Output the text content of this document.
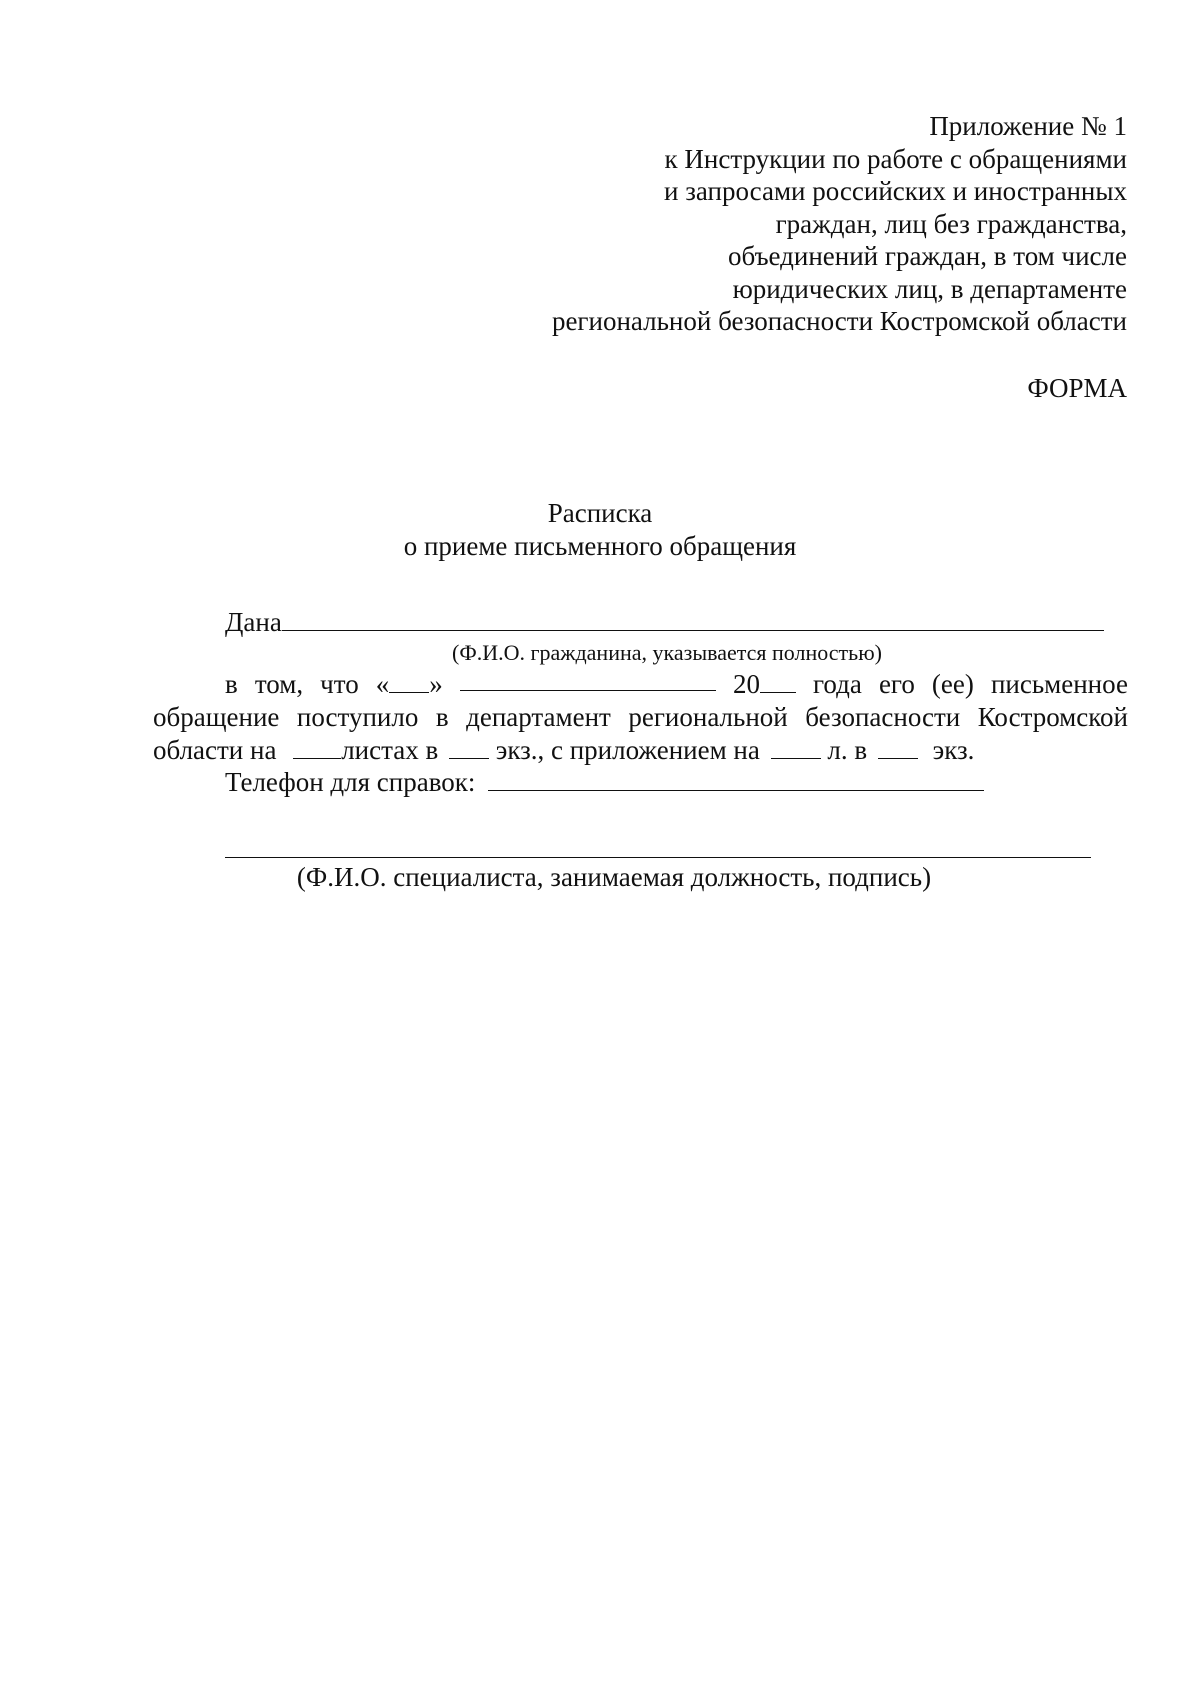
Приложение № 1
к Инструкции по работе с обращениями
и запросами российских и иностранных
граждан, лиц без гражданства,
объединений граждан, в том числе
юридических лиц, в департаменте
региональной безопасности Костромской области
ФОРМА
Расписка
о приеме письменного обращения
Дана
(Ф.И.О. гражданина, указывается полностью)
в том, что « »	20	года его (ее) письменное
обращение поступило в департамент региональной безопасности Костромской
области на листах в экз., с приложением на	л. в экз.
Телефон для справок:
(Ф.И.О. специалиста, занимаемая должность, подпись)
